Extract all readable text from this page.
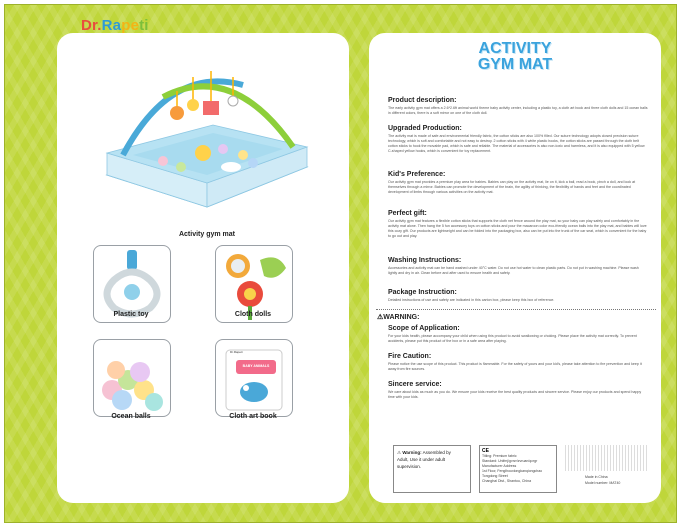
Dr.Rapeti
Activity gym mat
Plastic toy	Cloth dolls
Ocean balls
Dr.Rapeti
BABY ANIMALS
Cloth art book
ACTIVITY
GYM MAT
Product description:
The early activity gym mat offers a 2.6*2.6ft animal world theme baby activity center, including a plastic toy, a cloth art book and three cloth dolls and 15 ocean balls in different colors, there is a soft mirror on one of the cloth doll.
Upgraded Production:
The activity mat is made of safe and environmental friendly fabric, the cotton sticks are also 100% filled. Our suture technology adopts closed precision suture technology, which is soft and comfortable and not easy to destroy. 2 cotton sticks with 4 white plastic hooks, the cotton sticks are passed through the cloth belt cotton sticks to hook the movable pad, which is safe and reliable. The material of accessories is also non-toxic and harmless, and it is also equipped with 5 yellow C-shaped yellow hooks, which is convenient for toy replacement.
Kid's Preference:
Our activity gym mat provides a premium play area for babies. Babies can play on the activity mat, lie on it, kick a ball, read a book, pinch a doll, and look at themselves through a mirror. Babies can promote the development of the brain, the agility of thinking, the flexibility of hands and feet and the coordinated development of limbs through various activities on the activity mat.
Perfect gift:
Our activity gym mat features a flexible cotton sticks that supports the cloth net fence around the play mat, so your baby can play safely and comfortably in the activity mat alone. Then hang the 5 fun accessory toys on cotton sticks and pour the macaroon color eco-friendly ocean balls into the play mat, and babies will love this cozy gift. Our products are lightweight and can be folded into the packaging box, also can be put into the trunk of the car seat, which is convenient for the baby to go out and play.
Washing Instructions:
Accessories and activity mat can be hand washed under 40°C water. Do not use hot water to clean plastic parts. Do not put in washing machine. Please wash lightly and dry in air. Clean before and after used to ensure health and safety.
Package Instruction:
Detailed instructions of use and safety are indicated in this carton box, please keep this box of reference.
⚠WARNING:
Scope of Application:
For your kids health, please accompany your child when using this product to avoid swallowing or choking. Please place the activity mat correctly. To prevent accidents, please put this product of the box or in a safe area after playing.
Fire Caution:
Please notice the use scope of this product. This product is flammable. For the safety of yours and your kid's, please take attention to fire prevention and keep it away from fire sources.
Sincere service:
We care about kids as much as you do. We ensure your kids receive the best quality products and sincere service. Please enjoy our products and spend happy time with your kids.
⚠ Warning: Assembled by
Adult, Use it under adult
supervision.
CE
Titling: Premium fabric
Standard: Unifmj/gvrzr/zvruan/qcrgr
Manufacturer Address
1st Floor, Fenglhouxlongkanqiongchao
Tongdong Street
Changhai Dist., Shantou, China
Made in China
Model number: MAT40
